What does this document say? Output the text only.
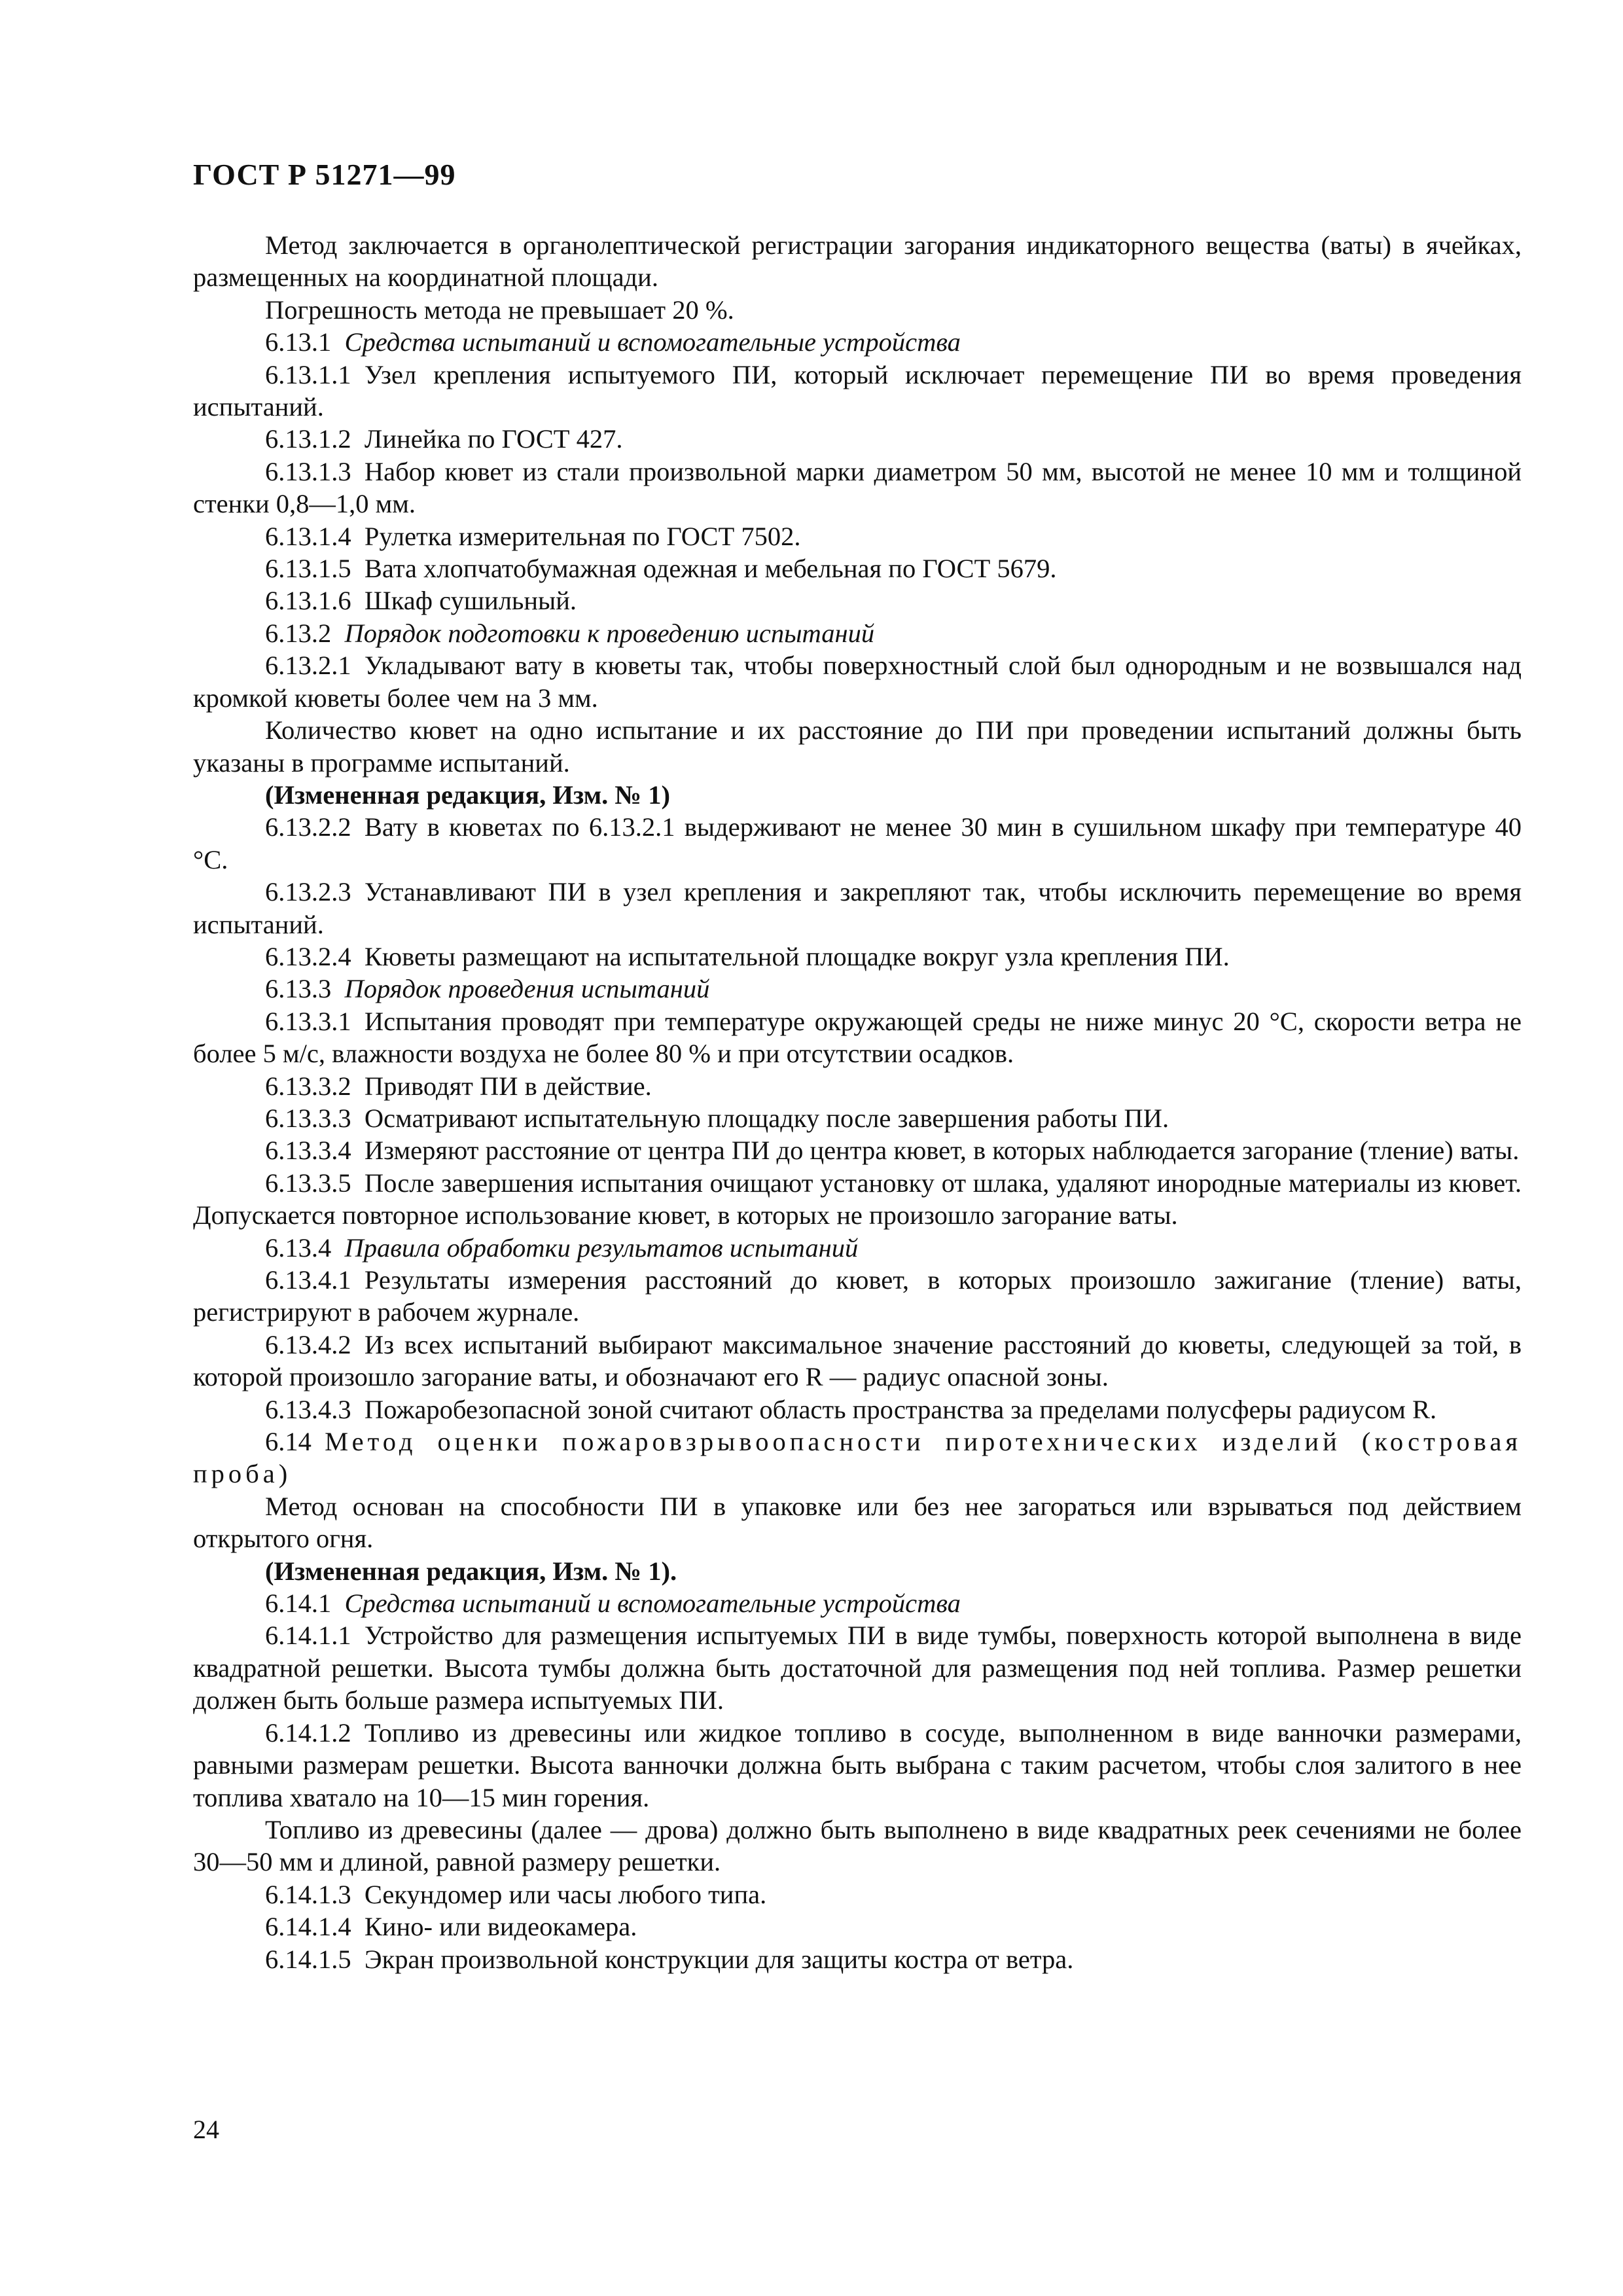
ГОСТ Р 51271—99

Метод заключается в органолептической регистрации загорания индикаторного вещества (ваты) в ячейках, размещенных на координатной площади.

Погрешность метода не превышает 20 %.

6.13.1  Средства испытаний и вспомогательные устройства

6.13.1.1  Узел крепления испытуемого ПИ, который исключает перемещение ПИ во время проведения испытаний.

6.13.1.2  Линейка по ГОСТ 427.

6.13.1.3  Набор кювет из стали произвольной марки диаметром 50 мм, высотой не менее 10 мм и толщиной стенки 0,8—1,0 мм.

6.13.1.4  Рулетка измерительная по ГОСТ 7502.

6.13.1.5  Вата хлопчатобумажная одежная и мебельная по ГОСТ 5679.

6.13.1.6  Шкаф сушильный.

6.13.2  Порядок подготовки к проведению испытаний

6.13.2.1  Укладывают вату в кюветы так, чтобы поверхностный слой был однородным и не возвышался над кромкой кюветы более чем на 3 мм.

Количество кювет на одно испытание и их расстояние до ПИ при проведении испытаний должны быть указаны в программе испытаний.

(Измененная редакция, Изм. № 1)

6.13.2.2  Вату в кюветах по 6.13.2.1 выдерживают не менее 30 мин в сушильном шкафу при температуре 40 °С.

6.13.2.3  Устанавливают ПИ в узел крепления и закрепляют так, чтобы исключить перемещение во время испытаний.

6.13.2.4  Кюветы размещают на испытательной площадке вокруг узла крепления ПИ.

6.13.3  Порядок проведения испытаний

6.13.3.1  Испытания проводят при температуре окружающей среды не ниже минус 20 °С, скорости ветра не более 5 м/с, влажности воздуха не более 80 % и при отсутствии осадков.

6.13.3.2  Приводят ПИ в действие.

6.13.3.3  Осматривают испытательную площадку после завершения работы ПИ.

6.13.3.4  Измеряют расстояние от центра ПИ до центра кювет, в которых наблюдается загорание (тление) ваты.

6.13.3.5  После завершения испытания очищают установку от шлака, удаляют инородные материалы из кювет. Допускается повторное использование кювет, в которых не произошло загорание ваты.

6.13.4  Правила обработки результатов испытаний

6.13.4.1  Результаты измерения расстояний до кювет, в которых произошло зажигание (тление) ваты, регистрируют в рабочем журнале.

6.13.4.2  Из всех испытаний выбирают максимальное значение расстояний до кюветы, следующей за той, в которой произошло загорание ваты, и обозначают его R — радиус опасной зоны.

6.13.4.3  Пожаробезопасной зоной считают область пространства за пределами полусферы радиусом R.

6.14  Метод оценки пожаровзрывоопасности пиротехнических изделий (костровая проба)

Метод основан на способности ПИ в упаковке или без нее загораться или взрываться под действием открытого огня.

(Измененная редакция, Изм. № 1).

6.14.1  Средства испытаний и вспомогательные устройства

6.14.1.1  Устройство для размещения испытуемых ПИ в виде тумбы, поверхность которой выполнена в виде квадратной решетки. Высота тумбы должна быть достаточной для размещения под ней топлива. Размер решетки должен быть больше размера испытуемых ПИ.

6.14.1.2  Топливо из древесины или жидкое топливо в сосуде, выполненном в виде ванночки размерами, равными размерам решетки. Высота ванночки должна быть выбрана с таким расчетом, чтобы слоя залитого в нее топлива хватало на 10—15 мин горения.

Топливо из древесины (далее — дрова) должно быть выполнено в виде квадратных реек сечениями не более 30—50 мм и длиной, равной размеру решетки.

6.14.1.3  Секундомер или часы любого типа.

6.14.1.4  Кино- или видеокамера.

6.14.1.5  Экран произвольной конструкции для защиты костра от ветра.

24
